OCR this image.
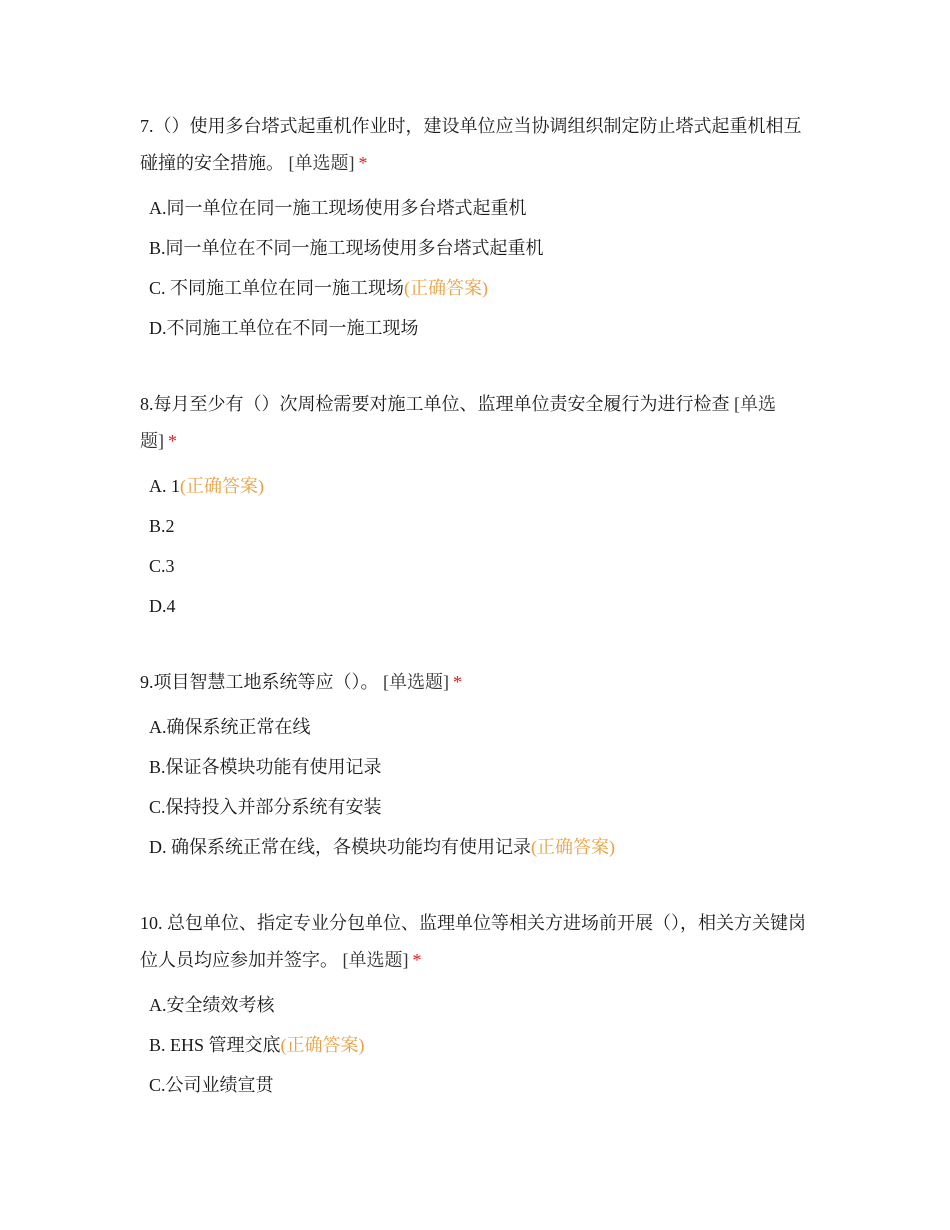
7.（）使用多台塔式起重机作业时，建设单位应当协调组织制定防止塔式起重机相互碰撞的安全措施。 [单选题] *

A.同一单位在同一施工现场使用多台塔式起重机
B.同一单位在不同一施工现场使用多台塔式起重机
C. 不同施工单位在同一施工现场(正确答案)
D.不同施工单位在不同一施工现场

8.每月至少有（）次周检需要对施工单位、监理单位责安全履行为进行检查 [单选题] *

A. 1(正确答案)
B.2
C.3
D.4

9.项目智慧工地系统等应（）。 [单选题] *

A.确保系统正常在线
B.保证各模块功能有使用记录
C.保持投入并部分系统有安装
D. 确保系统正常在线，各模块功能均有使用记录(正确答案)

10. 总包单位、指定专业分包单位、监理单位等相关方进场前开展（），相关方关键岗位人员均应参加并签字。 [单选题] *

A.安全绩效考核
B. EHS 管理交底(正确答案)
C.公司业绩宣贯
